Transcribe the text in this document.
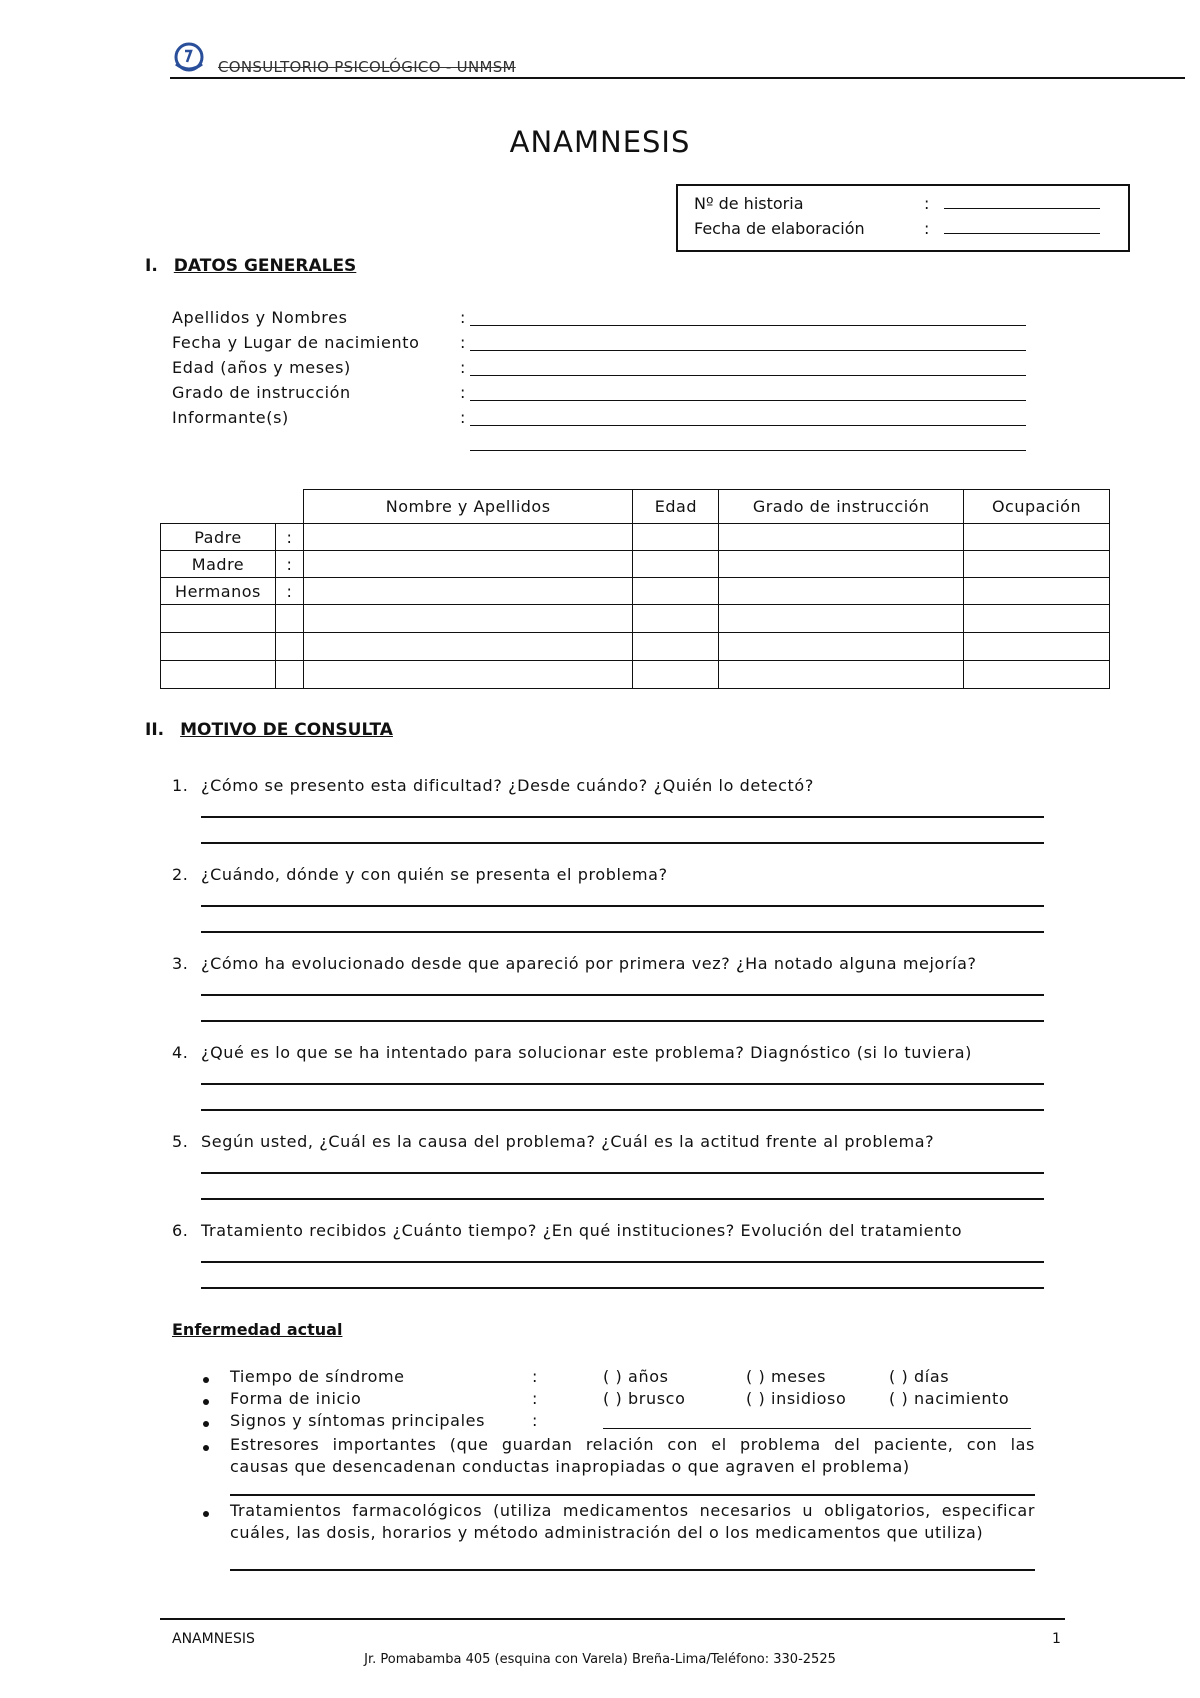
CONSULTORIO PSICOLÓGICO - UNMSM
ANAMNESIS
Nº de historia	:
Fecha de elaboración	:
I. DATOS GENERALES
Apellidos y Nombres	:
Fecha y Lugar de nacimiento	:
Edad (años y meses)	:
Grado de instrucción	:
Informante(s)	:
		Nombre y Apellidos	Edad	Grado de instrucción	Ocupación
Padre	:				
Madre	:				
Hermanos	:				

II. MOTIVO DE CONSULTA
1. ¿Cómo se presento esta dificultad? ¿Desde cuándo? ¿Quién lo detectó?
2. ¿Cuándo, dónde y con quién se presenta el problema?
3. ¿Cómo ha evolucionado desde que apareció por primera vez? ¿Ha notado alguna mejoría?
4. ¿Qué es lo que se ha intentado para solucionar este problema? Diagnóstico (si lo tuviera)
5. Según usted, ¿Cuál es la causa del problema? ¿Cuál es la actitud frente al problema?
6. Tratamiento recibidos ¿Cuánto tiempo? ¿En qué instituciones? Evolución del tratamiento
Enfermedad actual
Tiempo de síndrome	:	( ) años	( ) meses	( ) días
Forma de inicio	:	( ) brusco	( ) insidioso	( ) nacimiento
Signos y síntomas principales	:
Estresores importantes (que guardan relación con el problema del paciente, con las
causas que desencadenan conductas inapropiadas o que agraven el problema)
Tratamientos farmacológicos (utiliza medicamentos necesarios u obligatorios, especificar
cuáles, las dosis, horarios y método administración del o los medicamentos que utiliza)
ANAMNESIS	1
Jr. Pomabamba 405 (esquina con Varela) Breña-Lima/Teléfono: 330-2525
